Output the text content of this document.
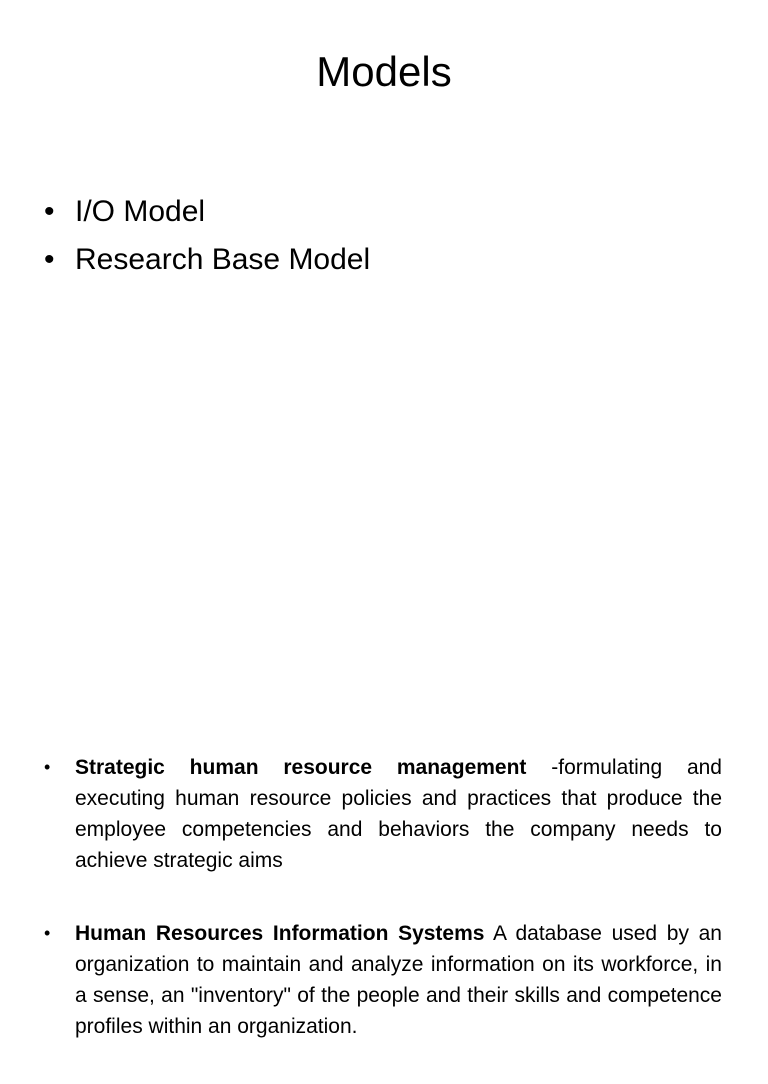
Models
• I/O Model
• Research Base Model
• Strategic human resource management -formulating and executing human resource policies and practices that produce the employee competencies and behaviors the company needs to achieve strategic aims
• Human Resources Information Systems A database used by an organization to maintain and analyze information on its workforce, in a sense, an "inventory" of the people and their skills and competence profiles within an organization.
